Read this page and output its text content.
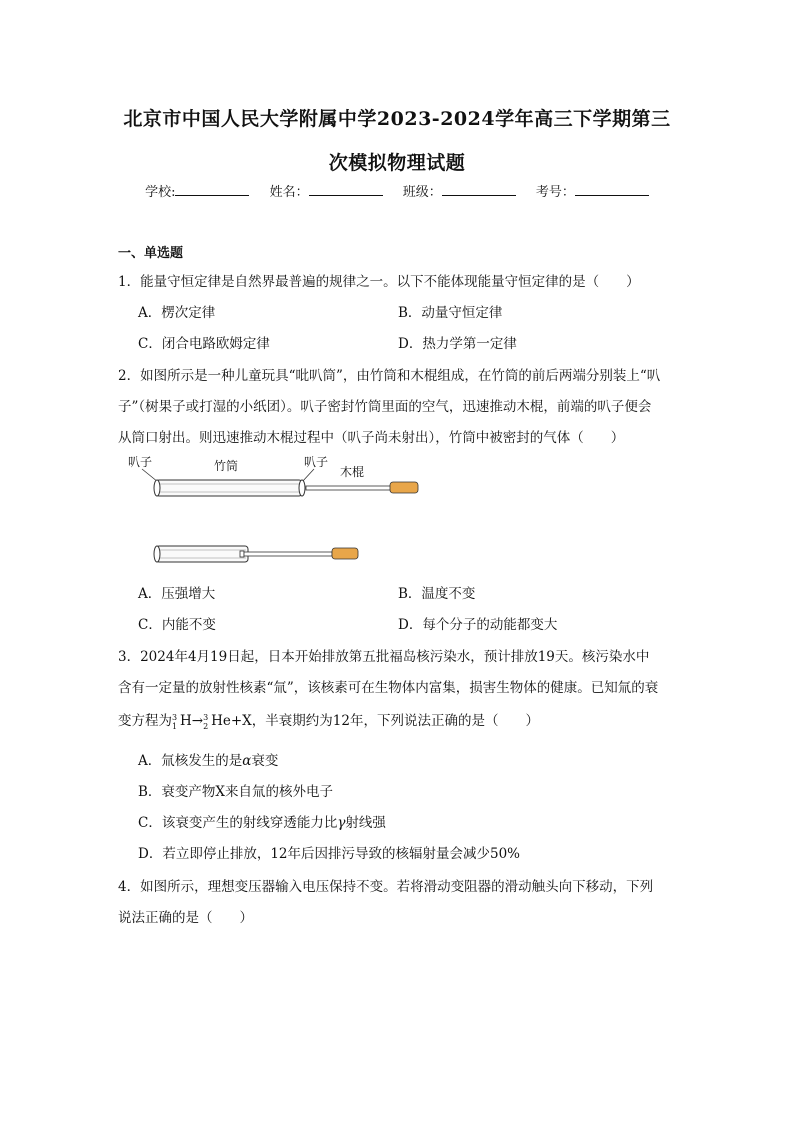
北京市中国人民大学附属中学2023-2024学年高三下学期第三
次模拟物理试题
学校:	姓名：	班级：	考号：
一、单选题
1．能量守恒定律是自然界最普遍的规律之一。以下不能体现能量守恒定律的是（　　）
A．楞次定律	B．动量守恒定律
C．闭合电路欧姆定律	D．热力学第一定律
2．如图所示是一种儿童玩具“吡叭筒”，由竹筒和木棍组成，在竹筒的前后两端分别装上“叭
子”（树果子或打湿的小纸团）。叭子密封竹筒里面的空气，迅速推动木棍，前端的叭子便会
从筒口射出。则迅速推动木棍过程中（叭子尚未射出），竹筒中被密封的气体（　　）
叭子	竹筒	叭子
木棍
A．压强增大	B．温度不变
C．内能不变	D．每个分子的动能都变大
3．2024年4月19日起，日本开始排放第五批福岛核污染水，预计排放19天。核污染水中
含有一定量的放射性核素“氚”，该核素可在生物体内富集，损害生物体的健康。已知氚的衰
变方程为 3
1 H→ 3
2 He+X，半衰期约为12年，下列说法正确的是（　　）
A．氚核发生的是α衰变
B．衰变产物X来自氚的核外电子
C．该衰变产生的射线穿透能力比γ射线强
D．若立即停止排放，12年后因排污导致的核辐射量会减少50%
4．如图所示，理想变压器输入电压保持不变。若将滑动变阻器的滑动触头向下移动，下列
说法正确的是（　　）
